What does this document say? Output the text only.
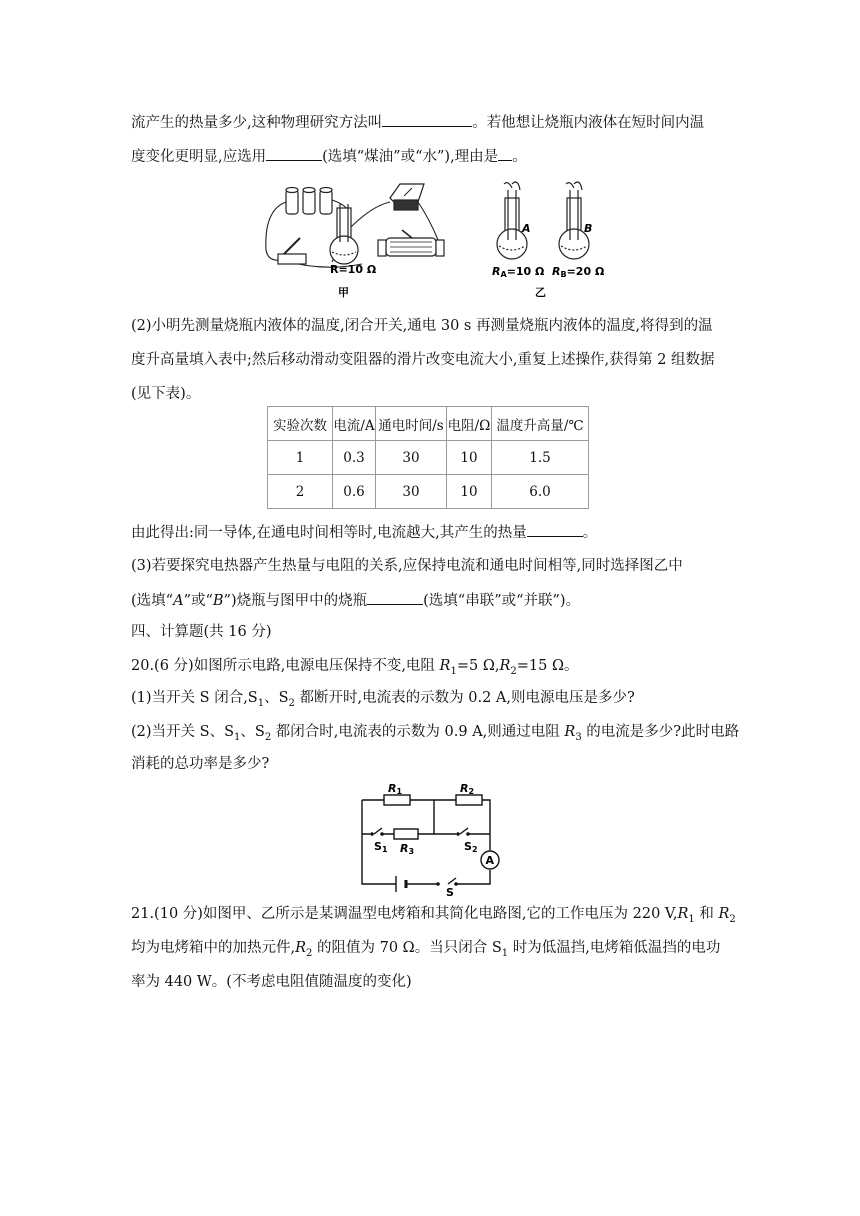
流产生的热量多少,这种物理研究方法叫	。若他想让烧瓶内液体在短时间内温
度变化更明显,应选用	(选填“煤油”或“水”),理由是 。
R=10 Ω
甲
A
RA=10 Ω
B
RB=20 Ω
乙
(2)小明先测量烧瓶内液体的温度,闭合开关,通电 30 s 再测量烧瓶内液体的温度,将得到的温
度升高量填入表中;然后移动滑动变阻器的滑片改变电流大小,重复上述操作,获得第 2 组数据
(见下表)。
实验次数	电流/A	通电时间/s	电阻/Ω	温度升高量/℃
1	0.3	30	10	1.5
2	0.6	30	10	6.0
由此得出:同一导体,在通电时间相等时,电流越大,其产生的热量	。
(3)若要探究电热器产生热量与电阻的关系,应保持电流和通电时间相等,同时选择图乙中
(选填“A”或“B”)烧瓶与图甲中的烧瓶	(选填“串联”或“并联”)。
四、计算题(共 16 分)
20.(6 分)如图所示电路,电源电压保持不变,电阻 $R_1=5$ $\Omega,R_2=15$ Ω。
(1)当开关 S 闭合$,S_1$、$S_2$ 都断开时,电流表的示数为 0.2 A,则电源电压是多少?
(2)当开关 S、$S_1$、$S_2$ 都闭合时,电流表的示数为 0.9 A,则通过电阻 $R_3$ 的电流是多少?此时电路
消耗的总功率是多少?
A
R1	R2
R3
S1	S2
S
21.(10 分)如图甲、乙所示是某调温型电烤箱和其简化电路图,它的工作电压为 220 $V,R_1$ 和 $R_2$
均为电烤箱中的加热元件$,R_2$ 的阻值为 70 Ω。当只闭合 $S_1$ 时为低温挡,电烤箱低温挡的电功
率为 440 W。(不考虑电阻值随温度的变化)
